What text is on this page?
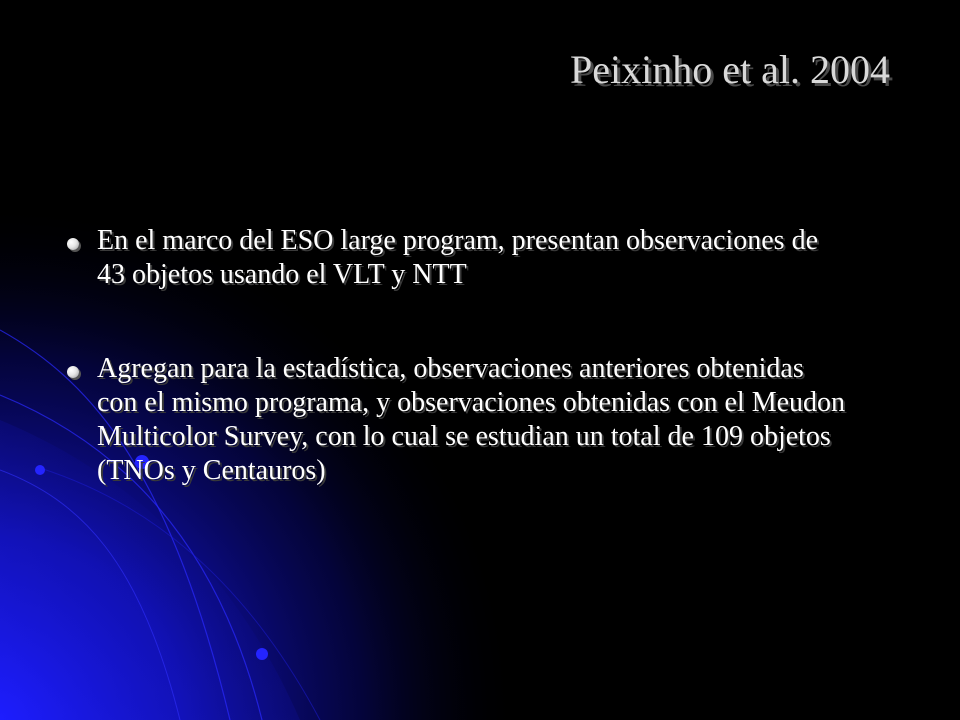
Peixinho et al. 2004
En el marco del ESO large program, presentan observaciones de 43 objetos usando el VLT y NTT
Agregan para la estadística, observaciones anteriores obtenidas con el mismo programa, y observaciones obtenidas con el Meudon Multicolor Survey, con lo cual se estudian un total de 109 objetos (TNOs y Centauros)
